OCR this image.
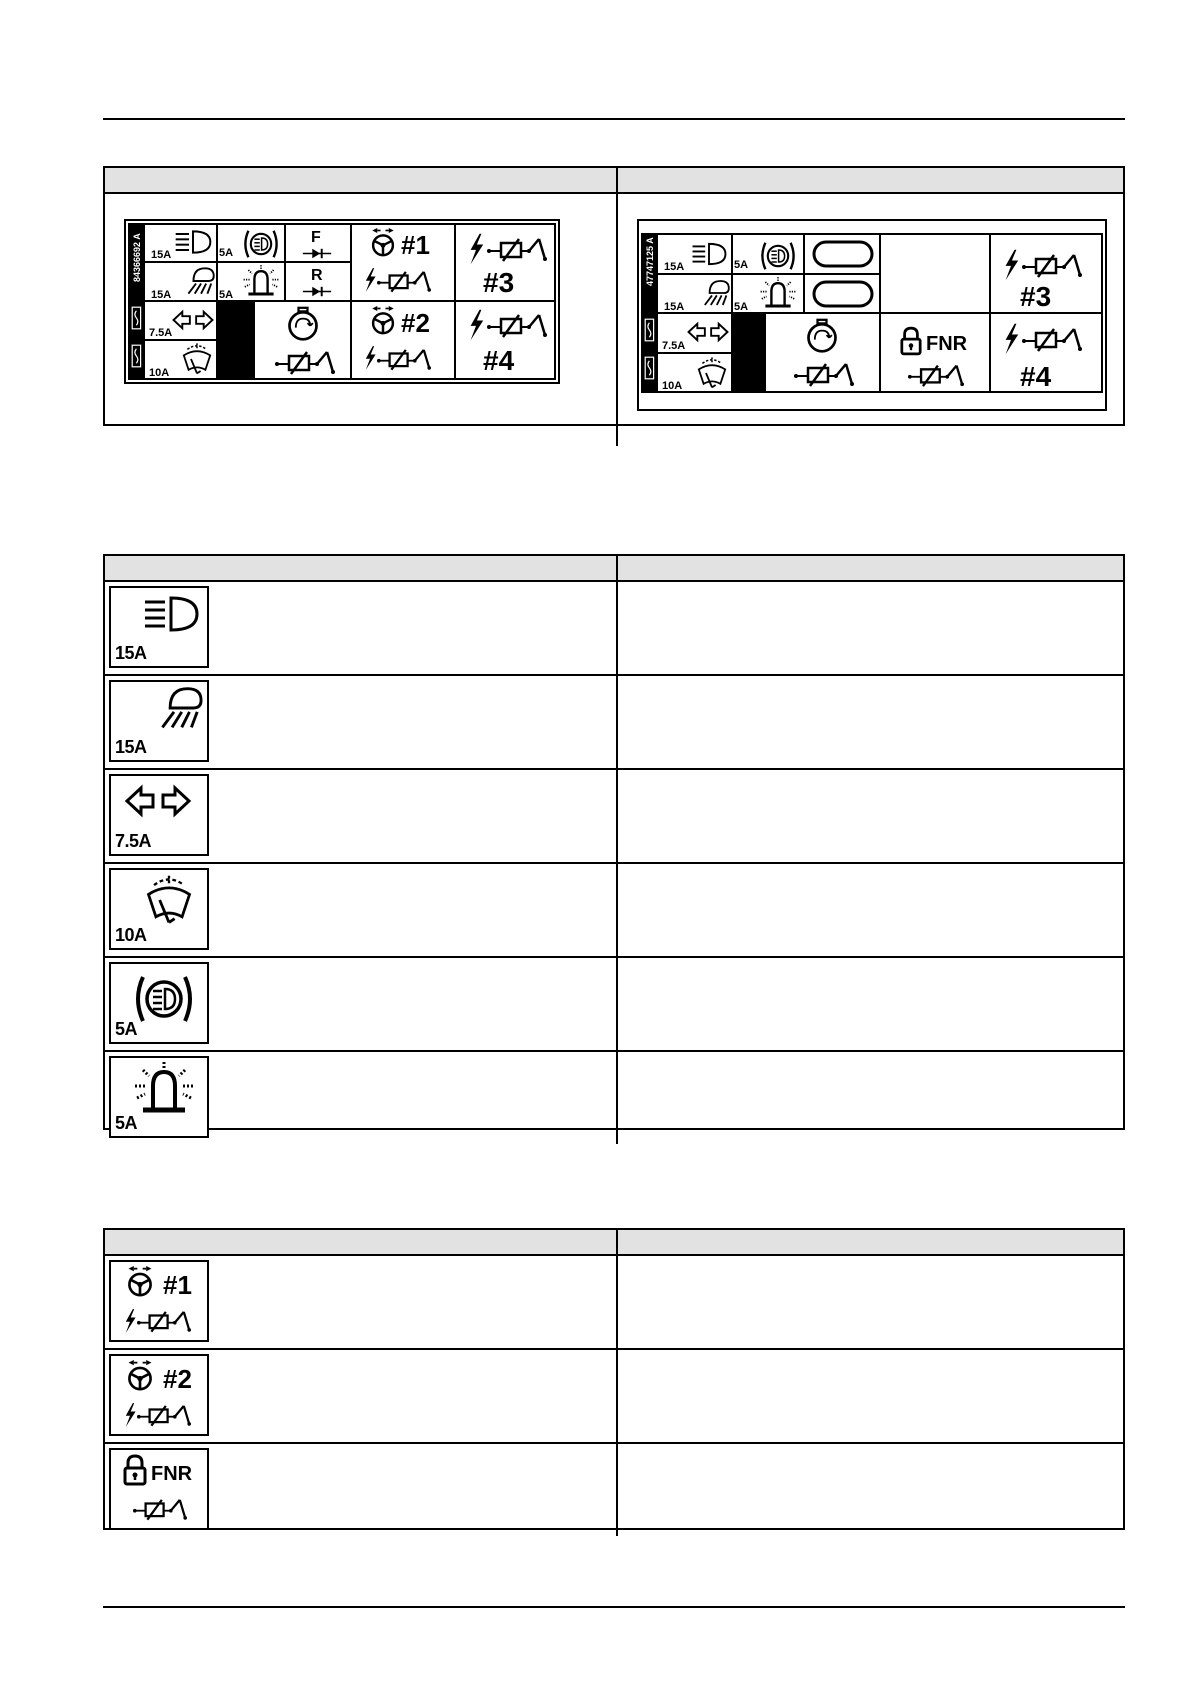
84366692 A 15A
15A
7.5A
10A
5A
5A
F
R
#1
#2
#3
#4
47747125 A 15A
15A
7.5A
10A
5A
5A
FNR
#3
#4
15A
15A
7.5A
10A
5A
5A
#1
#2
FNR
